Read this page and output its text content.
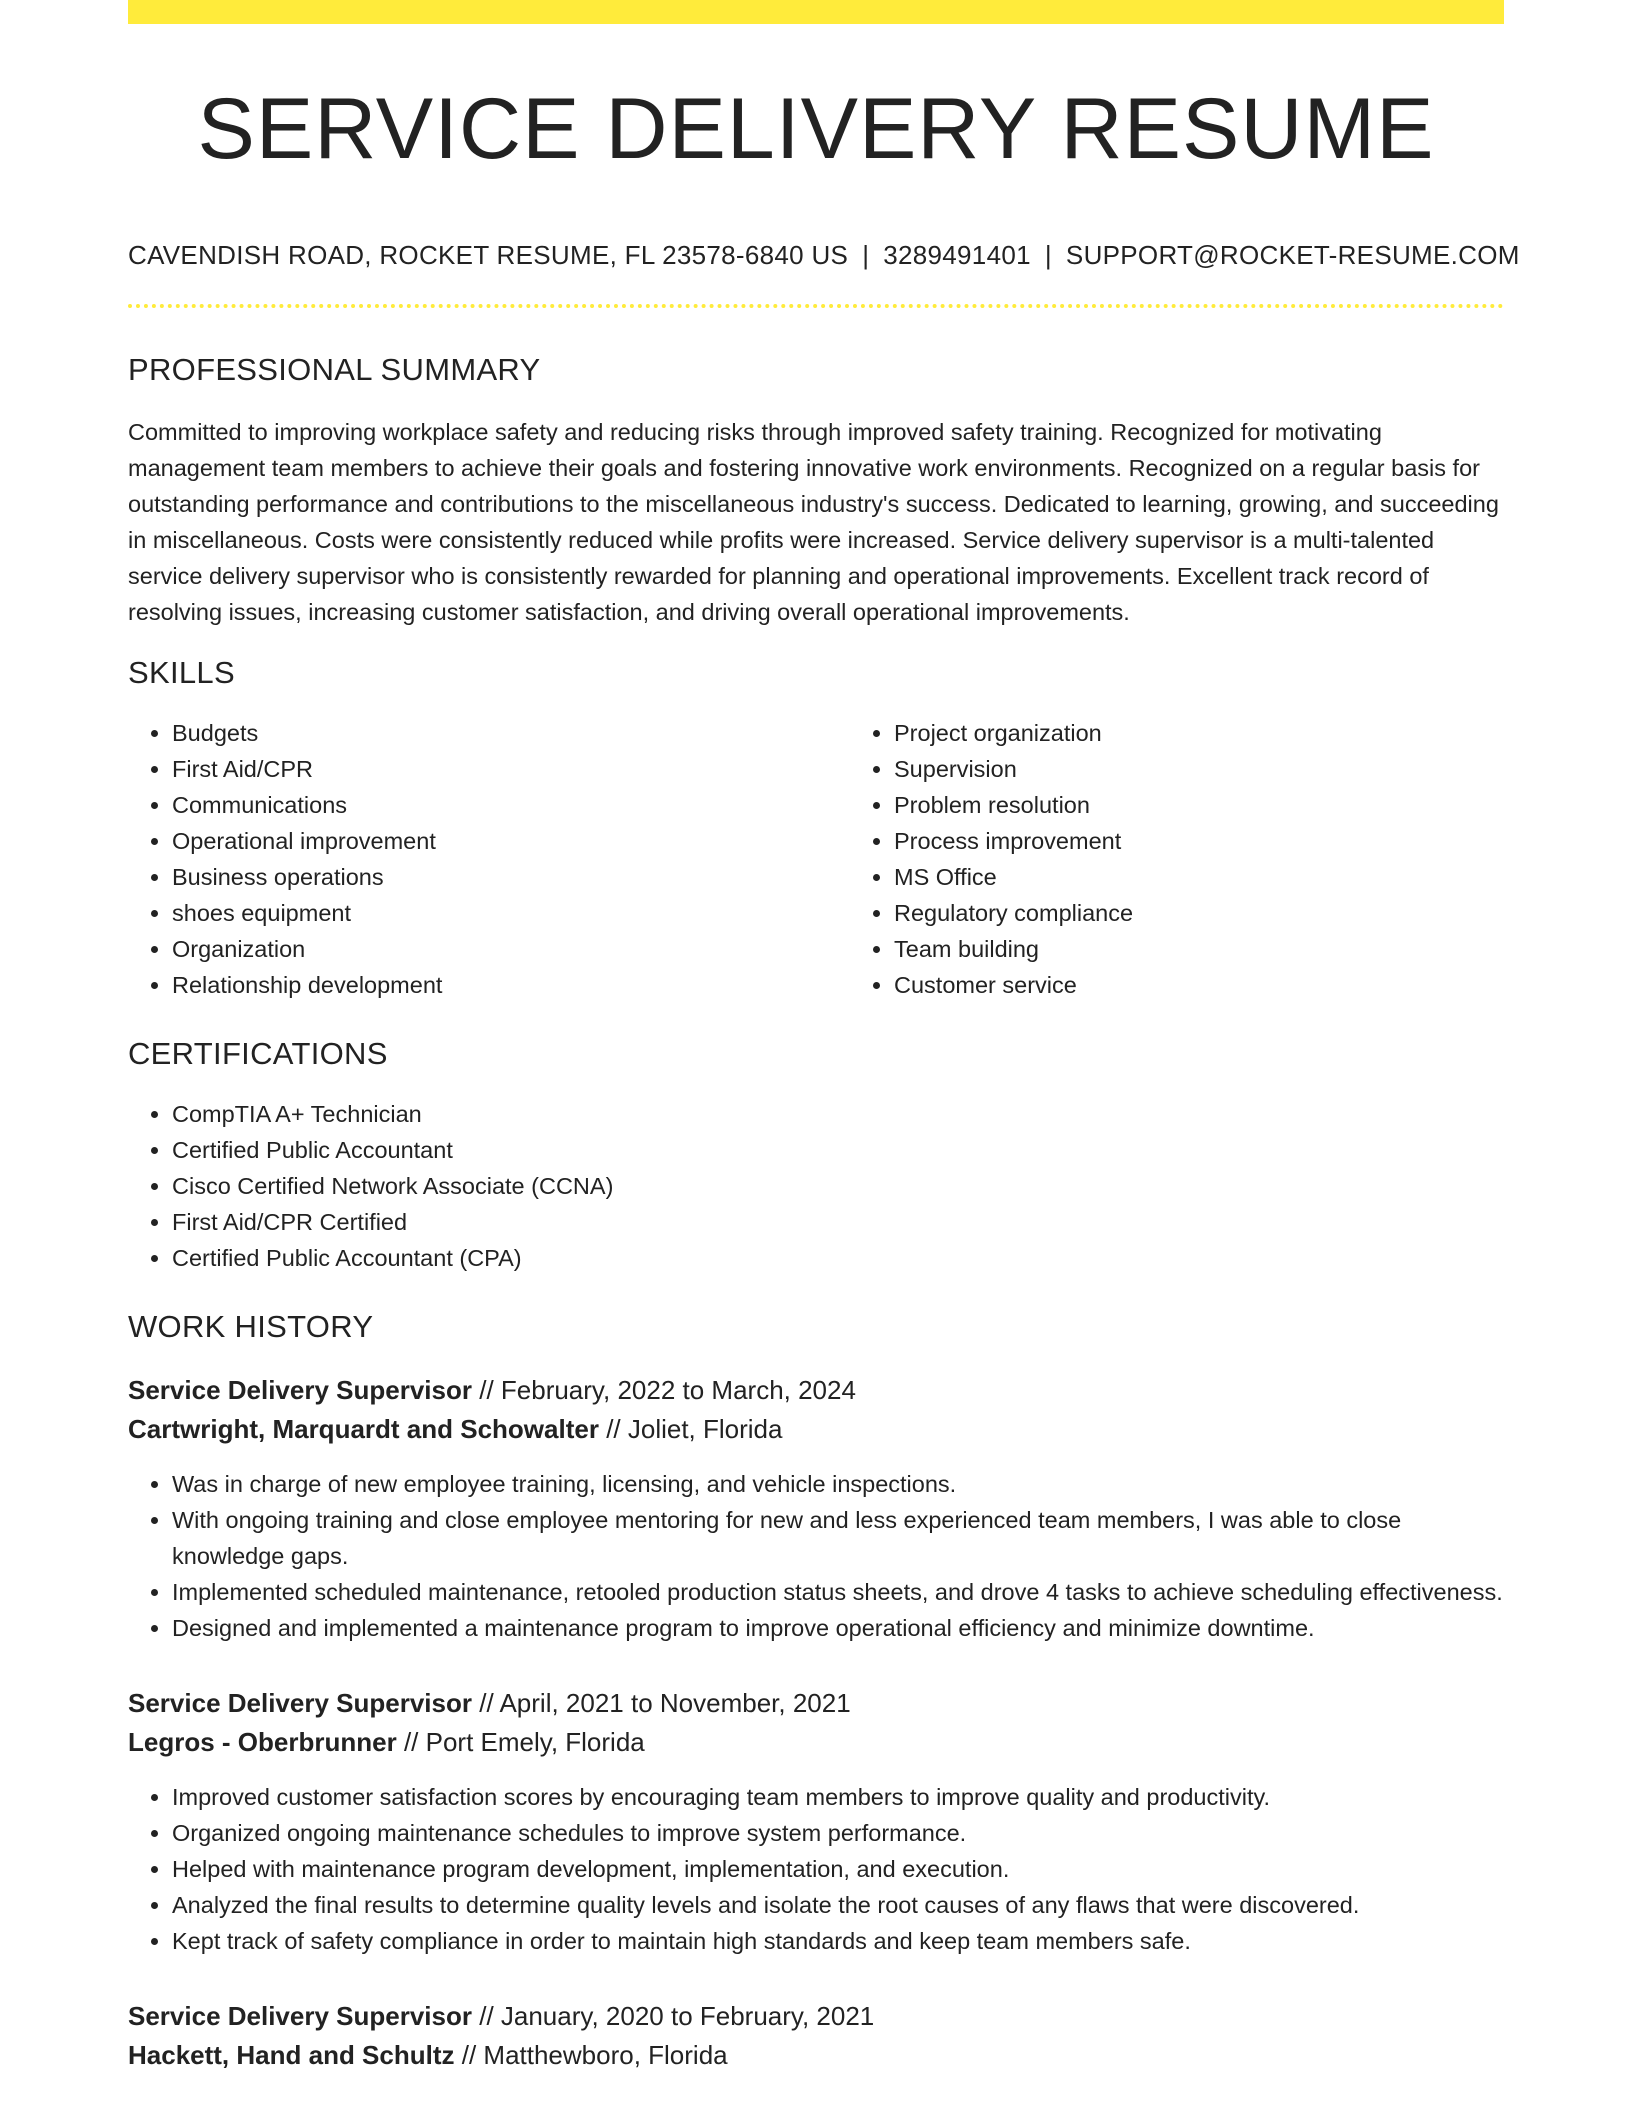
SERVICE DELIVERY RESUME
CAVENDISH ROAD, ROCKET RESUME, FL 23578-6840 US | 3289491401 | SUPPORT@ROCKET-RESUME.COM
PROFESSIONAL SUMMARY

Committed to improving workplace safety and reducing risks through improved safety training. Recognized for motivating management team members to achieve their goals and fostering innovative work environments. Recognized on a regular basis for outstanding performance and contributions to the miscellaneous industry's success. Dedicated to learning, growing, and succeeding in miscellaneous. Costs were consistently reduced while profits were increased. Service delivery supervisor is a multi-talented service delivery supervisor who is consistently rewarded for planning and operational improvements. Excellent track record of resolving issues, increasing customer satisfaction, and driving overall operational improvements.

SKILLS
• Budgets
• First Aid/CPR
• Communications
• Operational improvement
• Business operations
• shoes equipment
• Organization
• Relationship development
• Project organization
• Supervision
• Problem resolution
• Process improvement
• MS Office
• Regulatory compliance
• Team building
• Customer service
CERTIFICATIONS
• CompTIA A+ Technician
• Certified Public Accountant
• Cisco Certified Network Associate (CCNA)
• First Aid/CPR Certified
• Certified Public Accountant (CPA)
WORK HISTORY
Service Delivery Supervisor // February, 2022 to March, 2024
Cartwright, Marquardt and Schowalter // Joliet, Florida
• Was in charge of new employee training, licensing, and vehicle inspections.
• With ongoing training and close employee mentoring for new and less experienced team members, I was able to close knowledge gaps.
• Implemented scheduled maintenance, retooled production status sheets, and drove 4 tasks to achieve scheduling effectiveness.
• Designed and implemented a maintenance program to improve operational efficiency and minimize downtime.
Service Delivery Supervisor // April, 2021 to November, 2021
Legros - Oberbrunner // Port Emely, Florida
• Improved customer satisfaction scores by encouraging team members to improve quality and productivity.
• Organized ongoing maintenance schedules to improve system performance.
• Helped with maintenance program development, implementation, and execution.
• Analyzed the final results to determine quality levels and isolate the root causes of any flaws that were discovered.
• Kept track of safety compliance in order to maintain high standards and keep team members safe.
Service Delivery Supervisor // January, 2020 to February, 2021
Hackett, Hand and Schultz // Matthewboro, Florida
